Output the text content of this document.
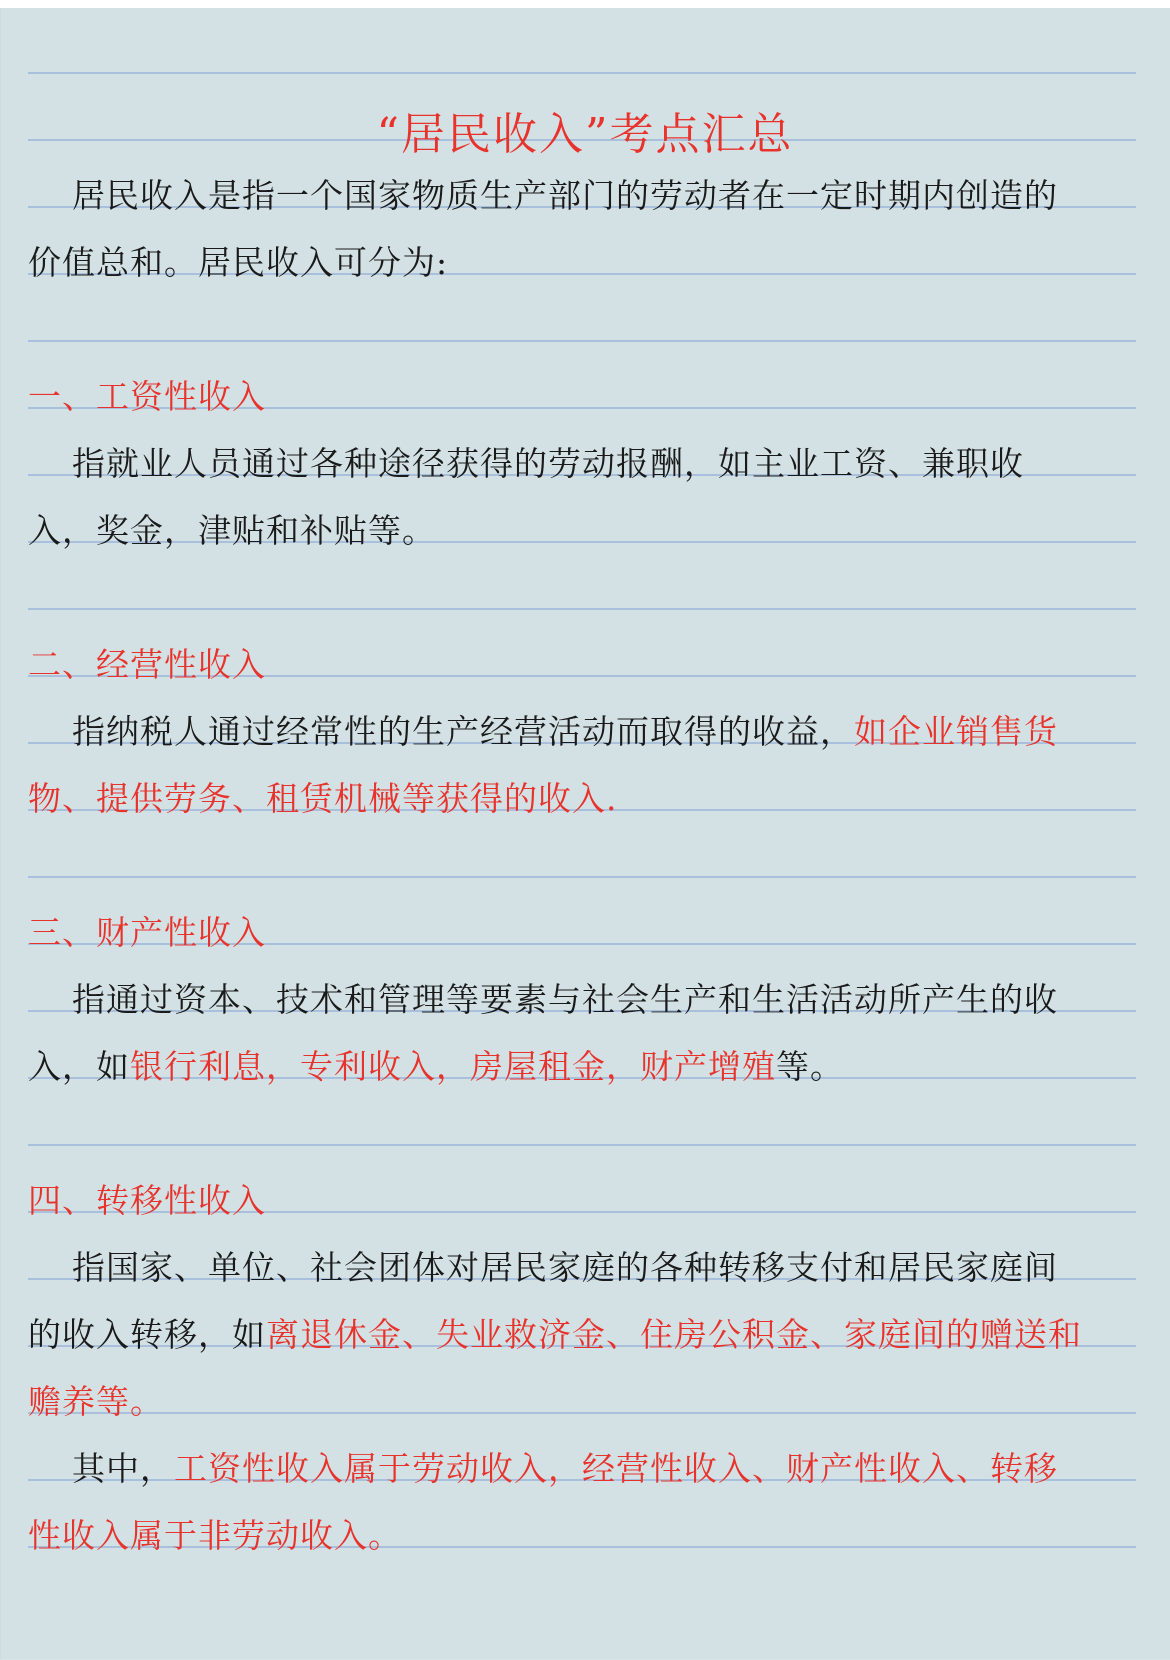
“居民收入”考点汇总
居民收入是指一个国家物质生产部门的劳动者在一定时期内创造的
价值总和。居民收入可分为:
一、工资性收入
指就业人员通过各种途径获得的劳动报酬，如主业工资、兼职收
入，奖金，津贴和补贴等。
二、经营性收入
指纳税人通过经常性的生产经营活动而取得的收益，如企业销售货
物、提供劳务、租赁机械等获得的收入.
三、财产性收入
指通过资本、技术和管理等要素与社会生产和生活活动所产生的收
入，如银行利息，专利收入，房屋租金，财产增殖等。
四、转移性收入
指国家、单位、社会团体对居民家庭的各种转移支付和居民家庭间
的收入转移，如离退休金、失业救济金、住房公积金、家庭间的赠送和
赡养等。
其中，工资性收入属于劳动收入，经营性收入、财产性收入、转移
性收入属于非劳动收入。
